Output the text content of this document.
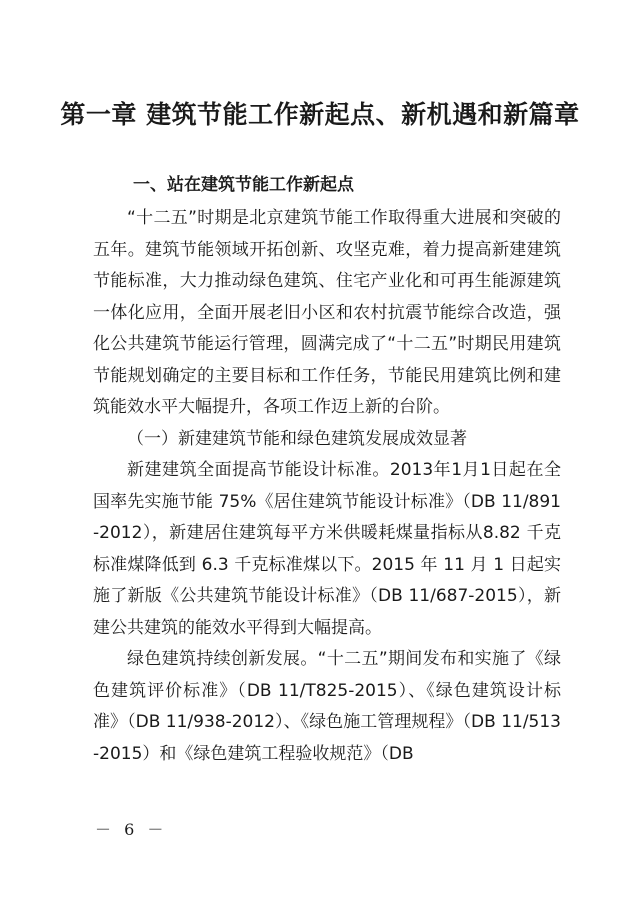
第一章 建筑节能工作新起点、新机遇和新篇章
一、站在建筑节能工作新起点

“十二五”时期是北京建筑节能工作取得重大进展和突破的五年。建筑节能领域开拓创新、攻坚克难，着力提高新建建筑节能标准，大力推动绿色建筑、住宅产业化和可再生能源建筑一体化应用，全面开展老旧小区和农村抗震节能综合改造，强化公共建筑节能运行管理，圆满完成了“十二五”时期民用建筑节能规划确定的主要目标和工作任务，节能民用建筑比例和建筑能效水平大幅提升，各项工作迈上新的台阶。

（一）新建建筑节能和绿色建筑发展成效显著

新建建筑全面提高节能设计标准。2013年1月1日起在全国率先实施节能 75%《居住建筑节能设计标准》（DB 11/891-2012），新建居住建筑每平方米供暖耗煤量指标从8.82 千克标准煤降低到 6.3 千克标准煤以下。2015 年 11 月 1 日起实施了新版《公共建筑节能设计标准》（DB 11/687-2015），新建公共建筑的能效水平得到大幅提高。

绿色建筑持续创新发展。“十二五”期间发布和实施了《绿色建筑评价标准》（DB 11/T825-2015）、《绿色建筑设计标准》（DB 11/938-2012）、《绿色施工管理规程》（DB 11/513-2015）和《绿色建筑工程验收规范》（DB

－ 6 －
